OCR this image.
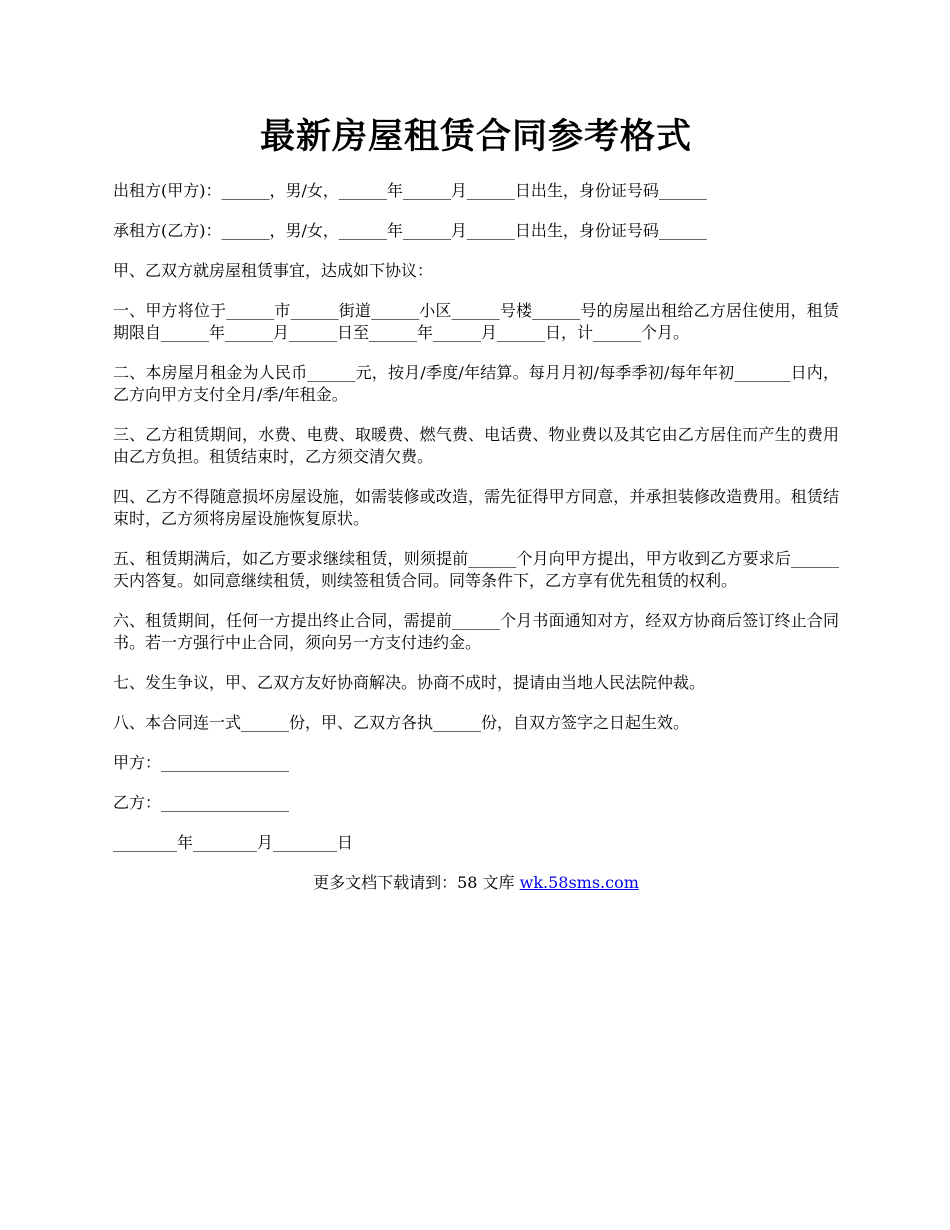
最新房屋租赁合同参考格式

出租方(甲方)：______，男/女，______年______月______日出生，身份证号码______

承租方(乙方)：______，男/女，______年______月______日出生，身份证号码______

甲、乙双方就房屋租赁事宜，达成如下协议：

一、甲方将位于______市______街道______小区______号楼______号的房屋出租给乙方居住使用，租赁期限自______年______月______日至______年______月______日，计______个月。

二、本房屋月租金为人民币______元，按月/季度/年结算。每月月初/每季季初/每年年初_______日内，乙方向甲方支付全月/季/年租金。

三、乙方租赁期间，水费、电费、取暖费、燃气费、电话费、物业费以及其它由乙方居住而产生的费用由乙方负担。租赁结束时，乙方须交清欠费。

四、乙方不得随意损坏房屋设施，如需装修或改造，需先征得甲方同意，并承担装修改造费用。租赁结束时，乙方须将房屋设施恢复原状。

五、租赁期满后，如乙方要求继续租赁，则须提前______个月向甲方提出，甲方收到乙方要求后______天内答复。如同意继续租赁，则续签租赁合同。同等条件下，乙方享有优先租赁的权利。

六、租赁期间，任何一方提出终止合同，需提前______个月书面通知对方，经双方协商后签订终止合同书。若一方强行中止合同，须向另一方支付违约金。

七、发生争议，甲、乙双方友好协商解决。协商不成时，提请由当地人民法院仲裁。

八、本合同连一式______份，甲、乙双方各执______份，自双方签字之日起生效。

甲方：________________

乙方：________________

________年________月________日

更多文档下载请到：58 文库 wk.58sms.com
